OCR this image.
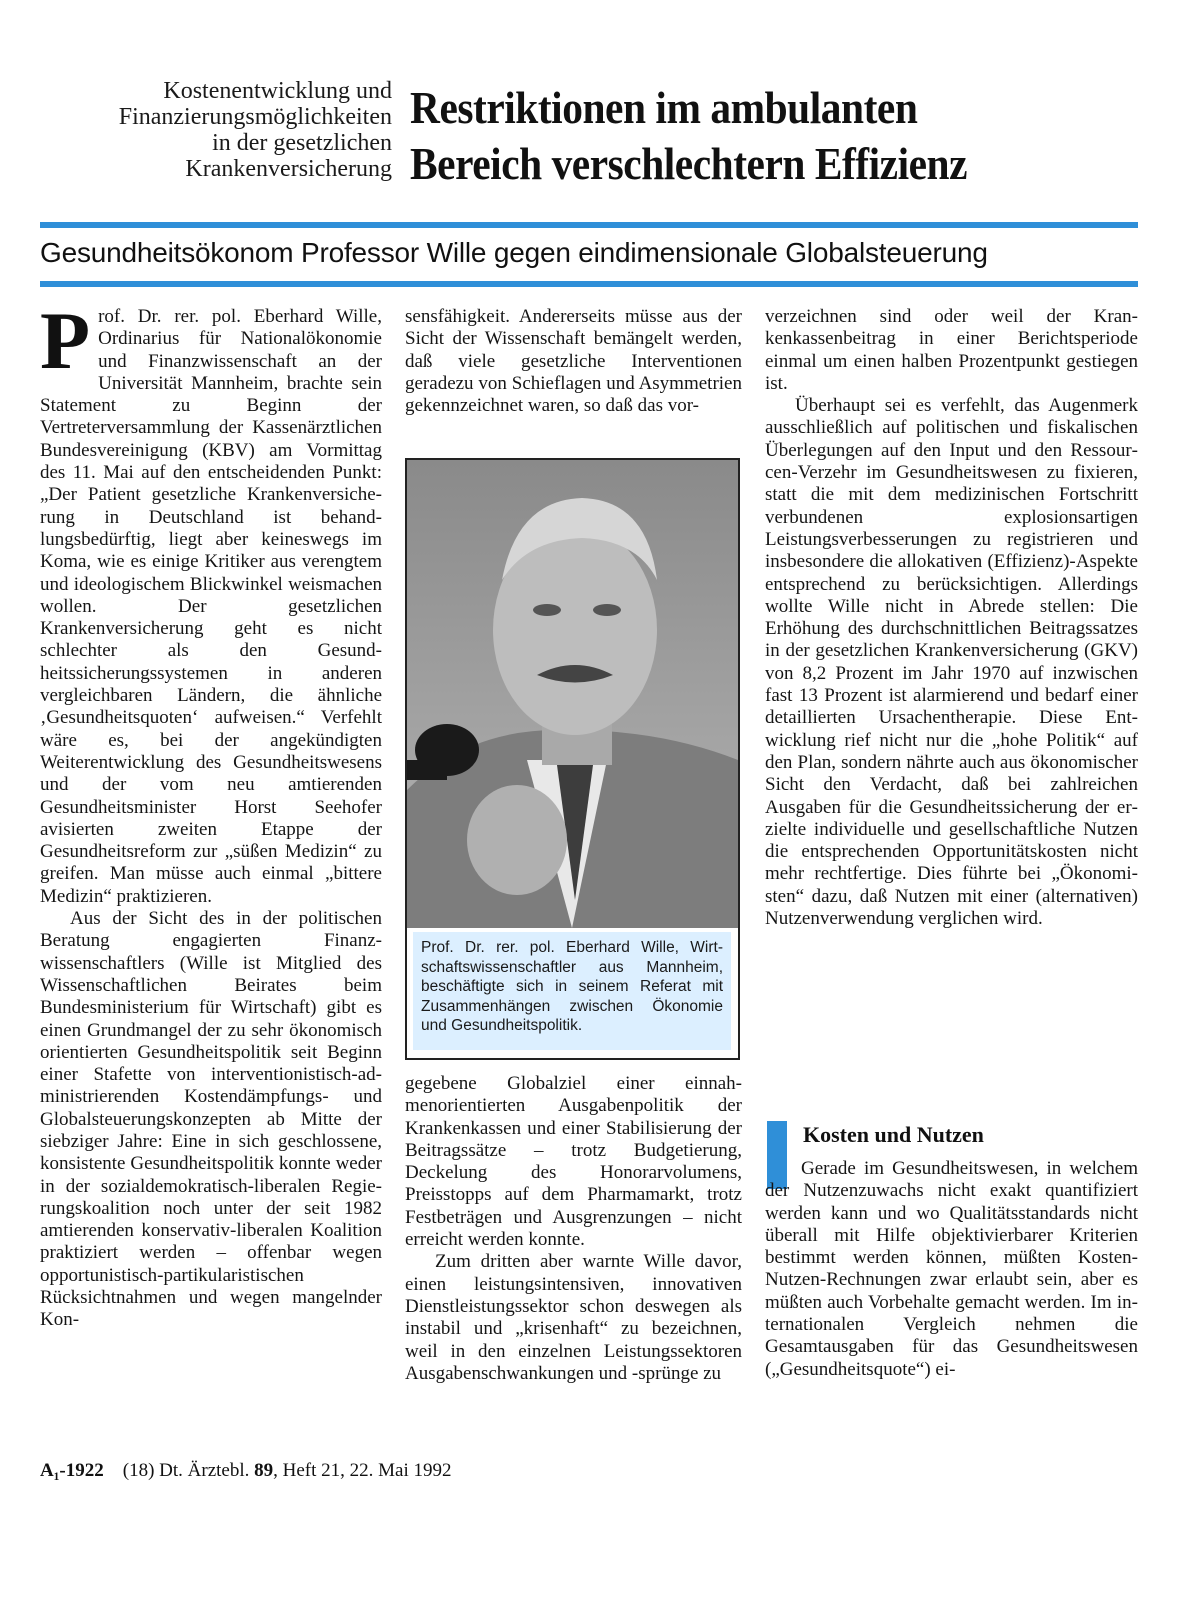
Kostenentwicklung und
Finanzierungsmöglichkeiten
in der gesetzlichen
Krankenversicherung
Restriktionen im ambulanten
Bereich verschlechtern Effizienz
Gesundheitsökonom Professor Wille gegen eindimensionale Globalsteuerung

Prof. Dr. rer. pol. Eberhard Wille, Ordinarius für Nationalökonomie und Finanzwissenschaft an der Universität Mannheim, brachte sein Statement zu Beginn der Vertreterversammlung der Kassenärztlichen Bundesvereinigung (KBV) am Vormittag des 11. Mai auf den entscheidenden Punkt: „Der Patient gesetzliche Krankenversicherung in Deutschland ist behandlungsbedürftig, liegt aber keineswegs im Koma, wie es einige Kritiker aus verengtem und ideologischem Blickwinkel weismachen wollen. Der gesetzlichen Krankenversicherung geht es nicht schlechter als den Gesundheitssicherungssystemen in anderen vergleichbaren Ländern, die ähnliche ‚Gesundheitsquoten‘ aufweisen.“ Verfehlt wäre es, bei der angekündigten Weiterentwicklung des Gesundheitswesens und der vom neu amtierenden Gesundheitsminister Horst Seehofer avisierten zweiten Etappe der Gesundheitsreform zur „süßen Medizin“ zu greifen. Man müsse auch einmal „bittere Medizin“ praktizieren.

Aus der Sicht des in der politischen Beratung engagierten Finanzwissenschaftlers (Wille ist Mitglied des Wissenschaftlichen Beirates beim Bundesministerium für Wirtschaft) gibt es einen Grundmangel der zu sehr ökonomisch orientierten Gesundheitspolitik seit Beginn einer Stafette von interventionistisch-administrierenden Kostendämpfungs- und Globalsteuerungskonzepten ab Mitte der siebziger Jahre: Eine in sich geschlossene, konsistente Gesundheitspolitik konnte weder in der sozialdemokratisch-liberalen Regierungskoalition noch unter der seit 1982 amtierenden konservativ-liberalen Koalition praktiziert werden – offenbar wegen opportunistisch-partikularistischen Rücksichtnahmen und wegen mangelnder Kon-

sensfähigkeit. Andererseits müsse aus der Sicht der Wissenschaft bemängelt werden, daß viele gesetzliche Interventionen geradezu von Schieflagen und Asymmetrien gekennzeichnet waren, so daß das vor-

Prof. Dr. rer. pol. Eberhard Wille, Wirtschaftswissenschaftler aus Mannheim, beschäftigte sich in seinem Referat mit Zusammenhängen zwischen Ökonomie und Gesundheitspolitik.

gegebene Globalziel einer einnahmenorientierten Ausgabenpolitik der Krankenkassen und einer Stabilisierung der Beitragssätze – trotz Budgetierung, Deckelung des Honorarvolumens, Preisstopps auf dem Pharmamarkt, trotz Festbeträgen und Ausgrenzungen – nicht erreicht werden konnte.

Zum dritten aber warnte Wille davor, einen leistungsintensiven, innovativen Dienstleistungssektor schon deswegen als instabil und „krisenhaft“ zu bezeichnen, weil in den einzelnen Leistungssektoren Ausgabenschwankungen und -sprünge zu

verzeichnen sind oder weil der Krankenkassenbeitrag in einer Berichtsperiode einmal um einen halben Prozentpunkt gestiegen ist.

Überhaupt sei es verfehlt, das Augenmerk ausschließlich auf politischen und fiskalischen Überlegungen auf den Input und den Ressourcen-Verzehr im Gesundheitswesen zu fixieren, statt die mit dem medizinischen Fortschritt verbundenen explosionsartigen Leistungsverbesserungen zu registrieren und insbesondere die allokativen (Effizienz)-Aspekte entsprechend zu berücksichtigen. Allerdings wollte Wille nicht in Abrede stellen: Die Erhöhung des durchschnittlichen Beitragssatzes in der gesetzlichen Krankenversicherung (GKV) von 8,2 Prozent im Jahr 1970 auf inzwischen fast 13 Prozent ist alarmierend und bedarf einer detaillierten Ursachentherapie. Diese Entwicklung rief nicht nur die „hohe Politik“ auf den Plan, sondern nährte auch aus ökonomischer Sicht den Verdacht, daß bei zahlreichen Ausgaben für die Gesundheitssicherung der erzielte individuelle und gesellschaftliche Nutzen die entsprechenden Opportunitätskosten nicht mehr rechtfertige. Dies führte bei „Ökonomisten“ dazu, daß Nutzen mit einer (alternativen) Nutzenverwendung verglichen wird.

Kosten und Nutzen

Gerade im Gesundheitswesen, in welchem der Nutzenzuwachs nicht exakt quantifiziert werden kann und wo Qualitätsstandards nicht überall mit Hilfe objektivierbarer Kriterien bestimmt werden können, müßten Kosten-Nutzen-Rechnungen zwar erlaubt sein, aber es müßten auch Vorbehalte gemacht werden. Im internationalen Vergleich nehmen die Gesamtausgaben für das Gesundheitswesen („Gesundheitsquote“) ei-

A₁-1922 (18) Dt. Ärztebl. 89, Heft 21, 22. Mai 1992
